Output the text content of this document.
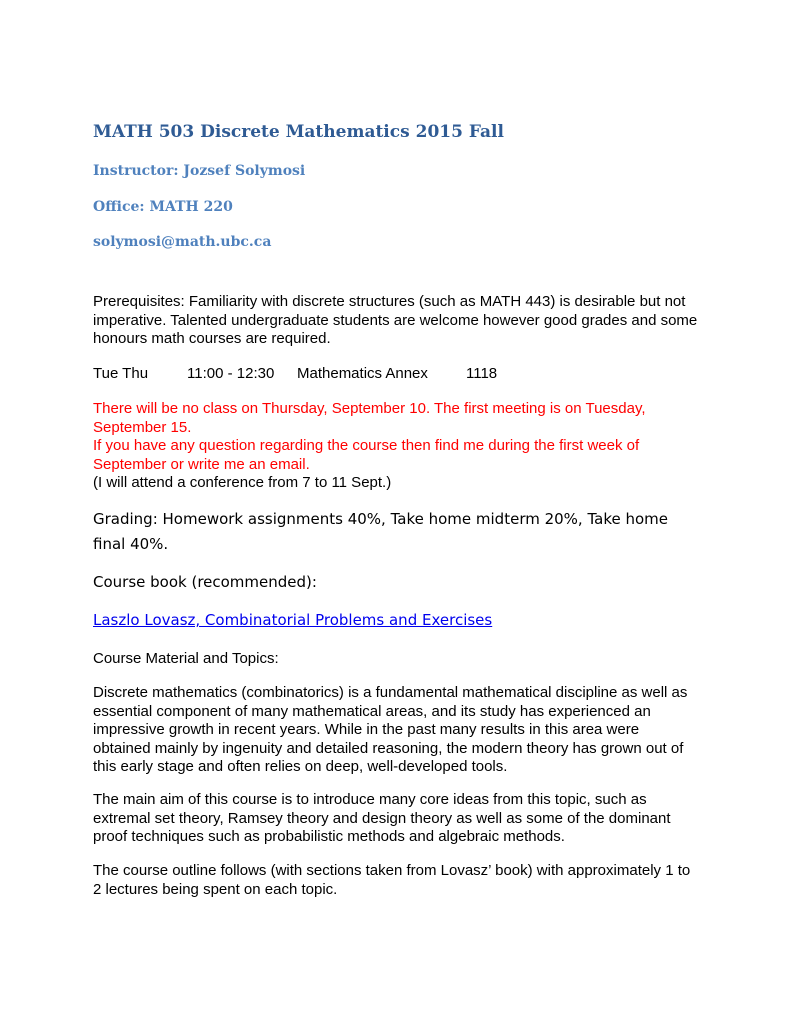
MATH 503 Discrete Mathematics 2015 Fall
Instructor: Jozsef Solymosi
Office: MATH 220
solymosi@math.ubc.ca

Prerequisites: Familiarity with discrete structures (such as MATH 443) is desirable but not imperative. Talented undergraduate students are welcome however good grades and some honours math courses are required.

Tue Thu	11:00 - 12:30 Mathematics Annex	1118
There will be no class on Thursday, September 10. The first meeting is on Tuesday, September 15.
If you have any question regarding the course then find me during the first week of September or write me an email.
(I will attend a conference from 7 to 11 Sept.)

Grading: Homework assignments 40%, Take home midterm 20%, Take home final 40%.

Course book (recommended):

Laszlo Lovasz, Combinatorial Problems and Exercises

Course Material and Topics:

Discrete mathematics (combinatorics) is a fundamental mathematical discipline as well as essential component of many mathematical areas, and its study has experienced an impressive growth in recent years. While in the past many results in this area were obtained mainly by ingenuity and detailed reasoning, the modern theory has grown out of this early stage and often relies on deep, well-developed tools.

The main aim of this course is to introduce many core ideas from this topic, such as extremal set theory, Ramsey theory and design theory as well as some of the dominant proof techniques such as probabilistic methods and algebraic methods.

The course outline follows (with sections taken from Lovasz’ book) with approximately 1 to 2 lectures being spent on each topic.
